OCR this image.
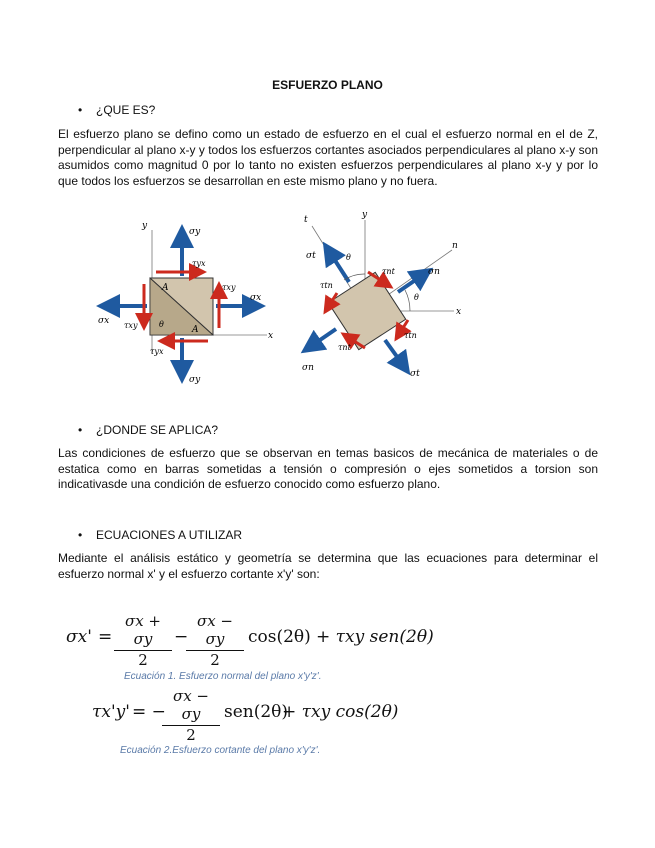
ESFUERZO PLANO
• ¿QUE ES?
El esfuerzo plano se defino como un estado de esfuerzo en el cual el esfuerzo normal en el de Z, perpendicular al plano x-y y todos los esfuerzos cortantes asociados perpendiculares al plano x-y son asumidos como magnitud 0 por lo tanto no existen esfuerzos perpendiculares al plano x-y y por lo que todos los esfuerzos se desarrollan en este mismo plano y no fuera.
y
x
σy
τyx
τxy
σx
σx τxy
τyx
σy
A
A
θ
t	y
n
x
σt	θ
τnt	σn
τtn
θ
τtn
τnt
σn
σt
• ¿DONDE SE APLICA?
Las condiciones de esfuerzo que se observan en temas basicos de mecánica de materiales o de estatica como en barras sometidas a tensión o compresión o ejes sometidos a torsion son indicativasde una condición de esfuerzo conocido como esfuerzo plano.
• ECUACIONES A UTILIZAR
Mediante el análisis estático y geometría se determina que las ecuaciones para determinar el esfuerzo normal x' y el esfuerzo cortante x'y' son:
$\sigma x' = \frac{\sigma x + \sigma y}{2}$ −
$\frac{\sigma x - \sigma y}{2} \cos(2\theta) + \tau xy$ sen(2θ)
Ecuación 1. Esfuerzo normal del plano x'y'z'.
τx'y' = −
$\frac{\sigma x - \sigma y}{2} sen(2\theta)$
+ τxy cos(2θ)
Ecuación 2.Esfuerzo cortante del plano x'y'z'.
